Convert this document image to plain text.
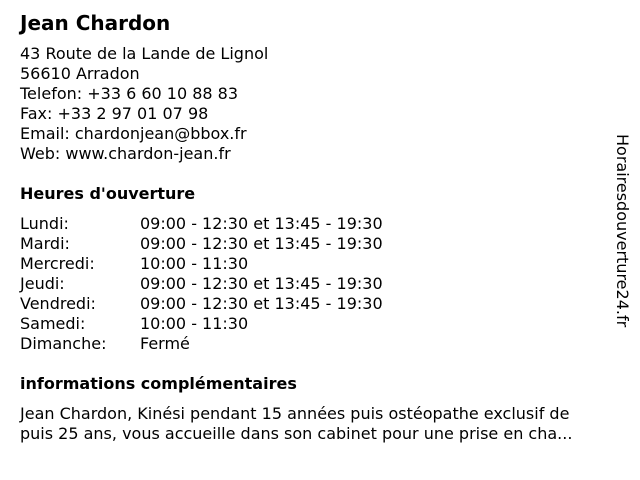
Jean Chardon
43 Route de la Lande de Lignol
56610 Arradon
Telefon: +33 6 60 10 88 83
Fax: +33 2 97 01 07 98
Email: chardonjean@bbox.fr
Web: www.chardon-jean.fr
Heures d'ouverture
Lundi:	09:00 - 12:30 et 13:45 - 19:30
Mardi:	09:00 - 12:30 et 13:45 - 19:30
Mercredi:	10:00 - 11:30
Jeudi:	09:00 - 12:30 et 13:45 - 19:30
Vendredi:	09:00 - 12:30 et 13:45 - 19:30
Samedi:	10:00 - 11:30
Dimanche:	Fermé
informations complémentaires
Jean Chardon, Kinési pendant 15 années puis ostéopathe exclusif de
puis 25 ans, vous accueille dans son cabinet pour une prise en cha...
Horairesdouverture24.fr
